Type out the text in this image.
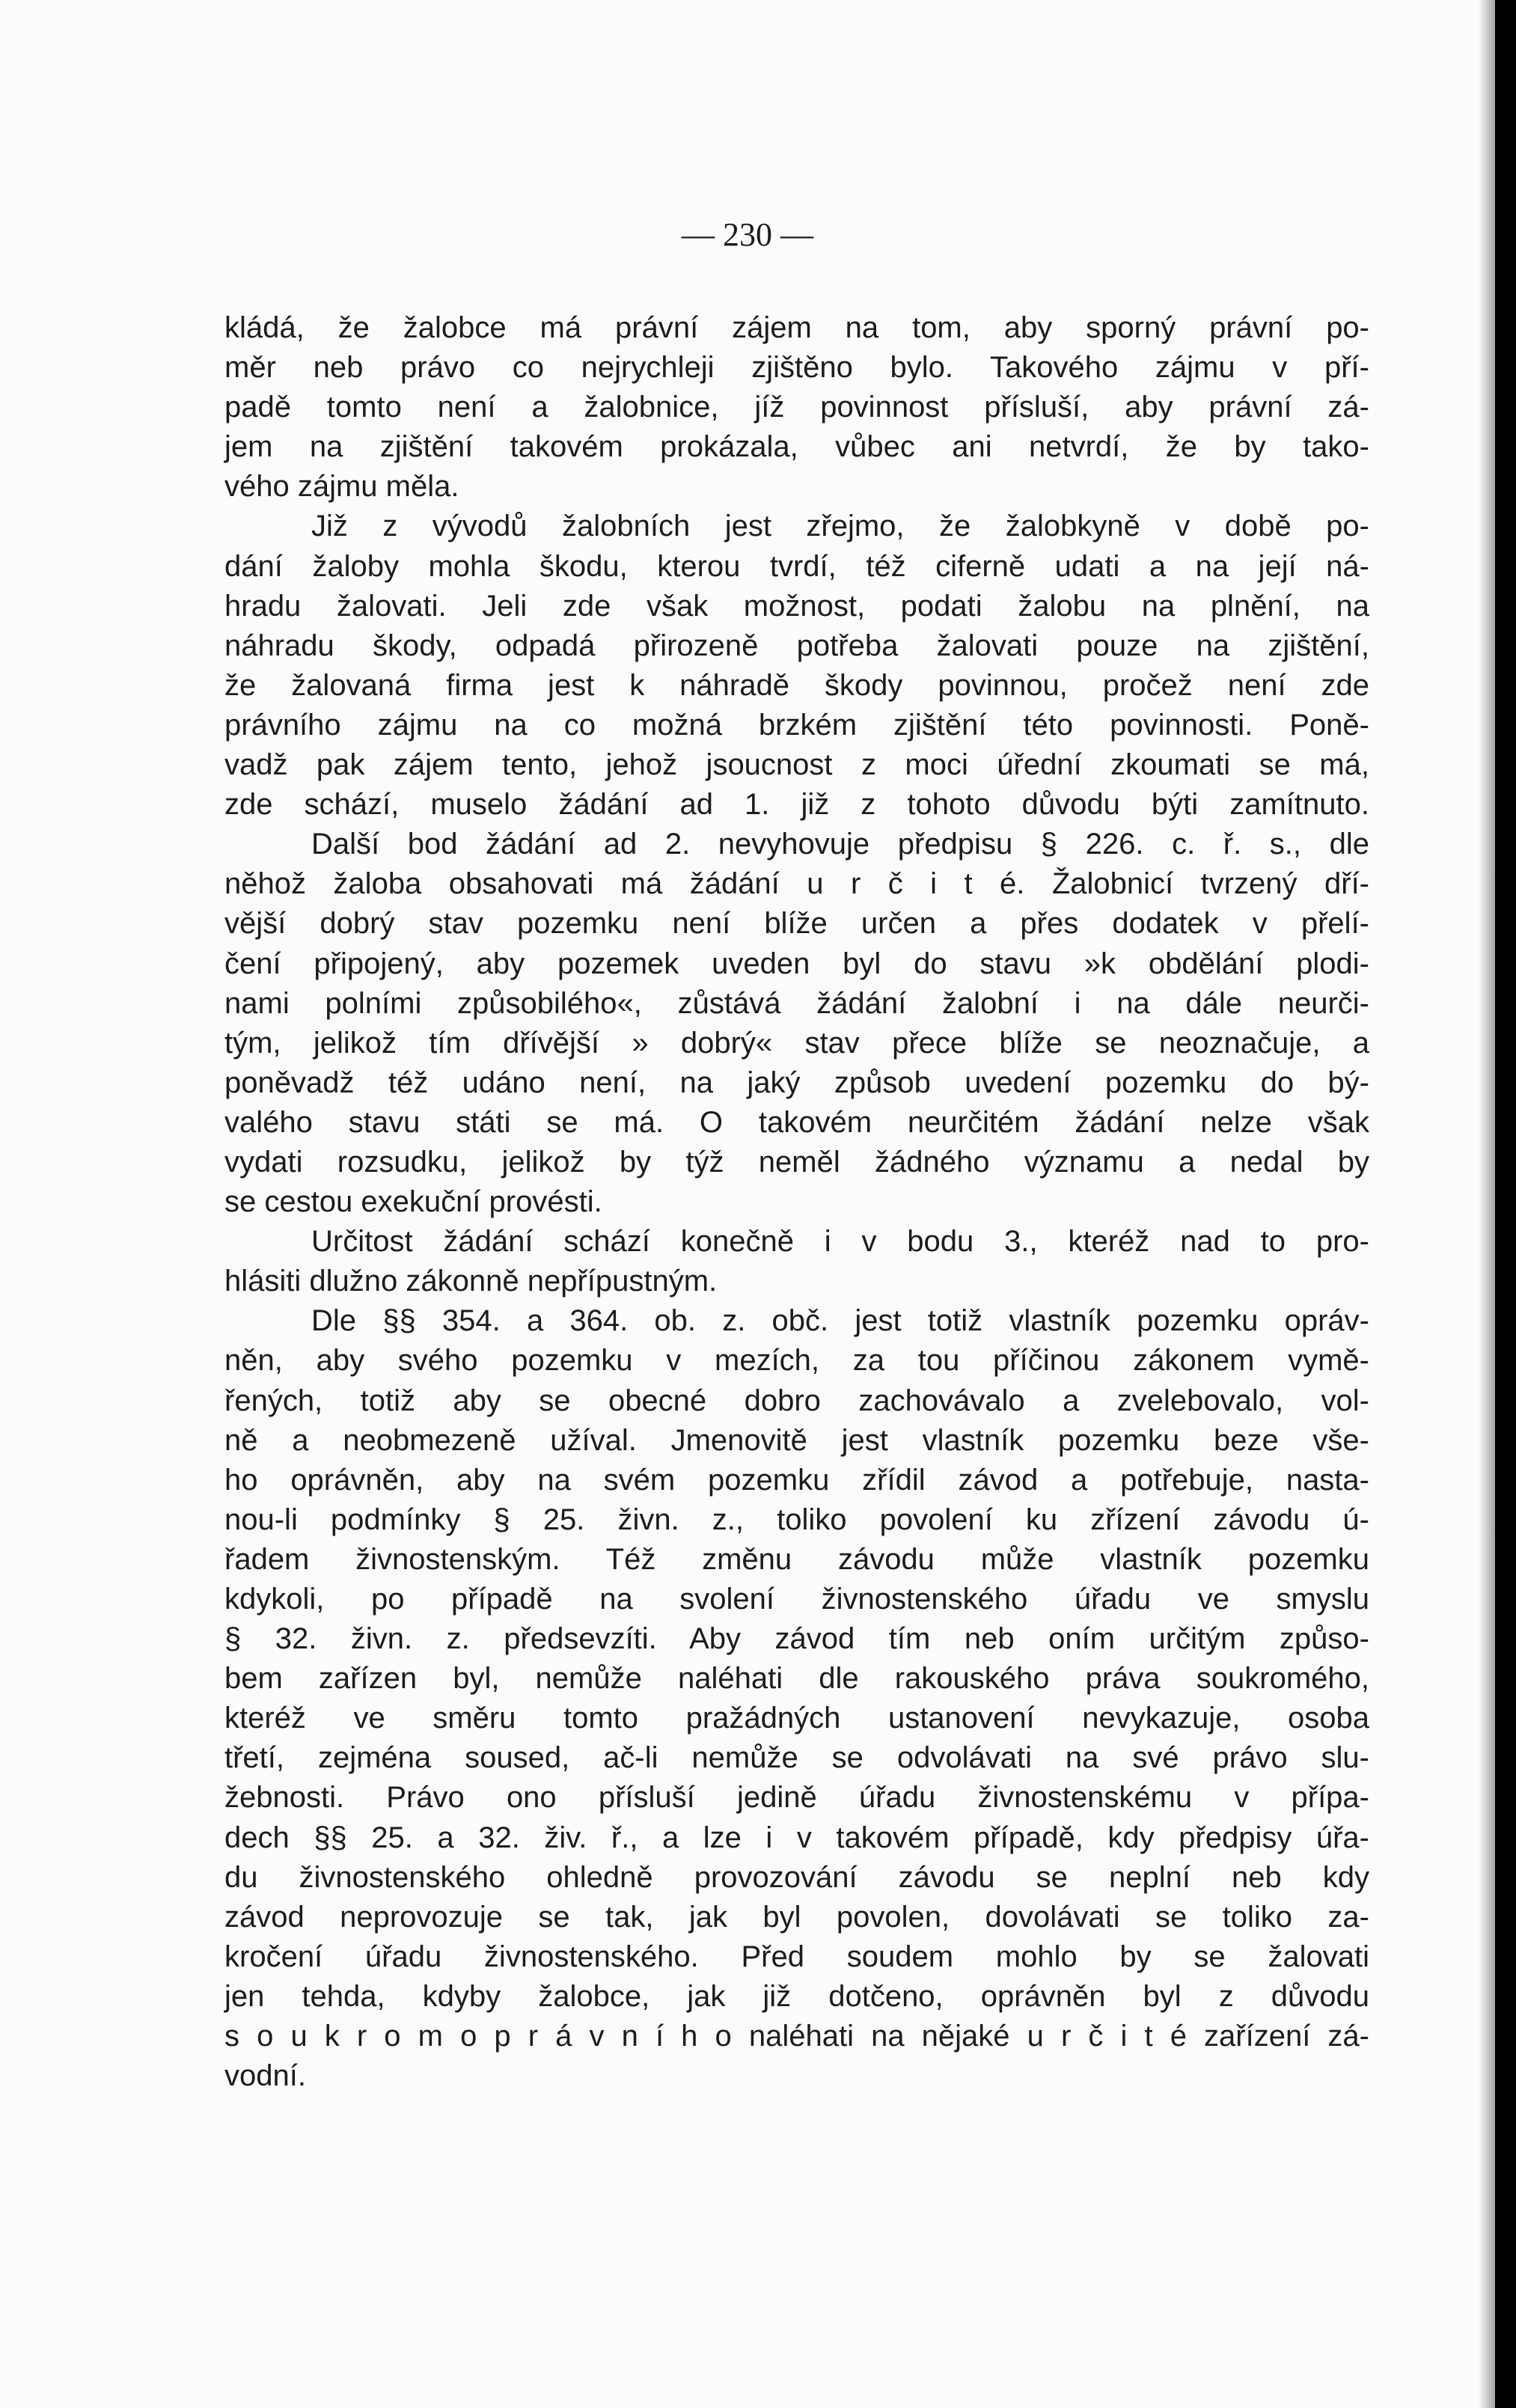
— 230 —
kládá, že žalobce má právní zájem na tom, aby sporný právní po-
měr neb právo co nejrychleji zjištěno bylo. Takového zájmu v pří-
padě tomto není a žalobnice, jíž povinnost přísluší, aby právní zá-
jem na zjištění takovém prokázala, vůbec ani netvrdí, že by tako-
vého zájmu měla.
Již z vývodů žalobních jest zřejmo, že žalobkyně v době po-
dání žaloby mohla škodu, kterou tvrdí, též ciferně udati a na její ná-
hradu žalovati. Jeli zde však možnost, podati žalobu na plnění, na
náhradu škody, odpadá přirozeně potřeba žalovati pouze na zjištění,
že žalovaná firma jest k náhradě škody povinnou, pročež není zde
právního zájmu na co možná brzkém zjištění této povinnosti. Poně-
vadž pak zájem tento, jehož jsoucnost z moci úřední zkoumati se má,
zde schází, muselo žádání ad 1. již z tohoto důvodu býti zamítnuto.
Další bod žádání ad 2. nevyhovuje předpisu § 226. c. ř. s., dle
něhož žaloba obsahovati má žádání u r č i t é. Žalobnicí tvrzený dří-
vější dobrý stav pozemku není blíže určen a přes dodatek v přelí-
čení připojený, aby pozemek uveden byl do stavu »k obdělání plodi-
nami polními způsobilého«, zůstává žádání žalobní i na dále neurči-
tým, jelikož tím dřívější » dobrý« stav přece blíže se neoznačuje, a
poněvadž též udáno není, na jaký způsob uvedení pozemku do bý-
valého stavu státi se má. O takovém neurčitém žádání nelze však
vydati rozsudku, jelikož by týž neměl žádného významu a nedal by
se cestou exekuční provésti.
Určitost žádání schází konečně i v bodu 3., kteréž nad to pro-
hlásiti dlužno zákonně nepřípustným.
Dle §§ 354. a 364. ob. z. obč. jest totiž vlastník pozemku opráv-
něn, aby svého pozemku v mezích, za tou příčinou zákonem vymě-
řených, totiž aby se obecné dobro zachovávalo a zvelebovalo, vol-
ně a neobmezeně užíval. Jmenovitě jest vlastník pozemku beze vše-
ho oprávněn, aby na svém pozemku zřídil závod a potřebuje, nasta-
nou-li podmínky § 25. živn. z., toliko povolení ku zřízení závodu ú-
řadem živnostenským. Též změnu závodu může vlastník pozemku
kdykoli, po případě na svolení živnostenského úřadu ve smyslu
§ 32. živn. z. předsevzíti. Aby závod tím neb oním určitým způso-
bem zařízen byl, nemůže naléhati dle rakouského práva soukromého,
kteréž ve směru tomto pražádných ustanovení nevykazuje, osoba
třetí, zejména soused, ač-li nemůže se odvolávati na své právo slu-
žebnosti. Právo ono přísluší jedině úřadu živnostenskému v přípa-
dech §§ 25. a 32. živ. ř., a lze i v takovém případě, kdy předpisy úřa-
du živnostenského ohledně provozování závodu se neplní neb kdy
závod neprovozuje se tak, jak byl povolen, dovolávati se toliko za-
kročení úřadu živnostenského. Před soudem mohlo by se žalovati
jen tehda, kdyby žalobce, jak již dotčeno, oprávněn byl z důvodu
s o u k r o m o p r á v n í h o naléhati na nějaké u r č i t é zařízení zá-
vodní.
